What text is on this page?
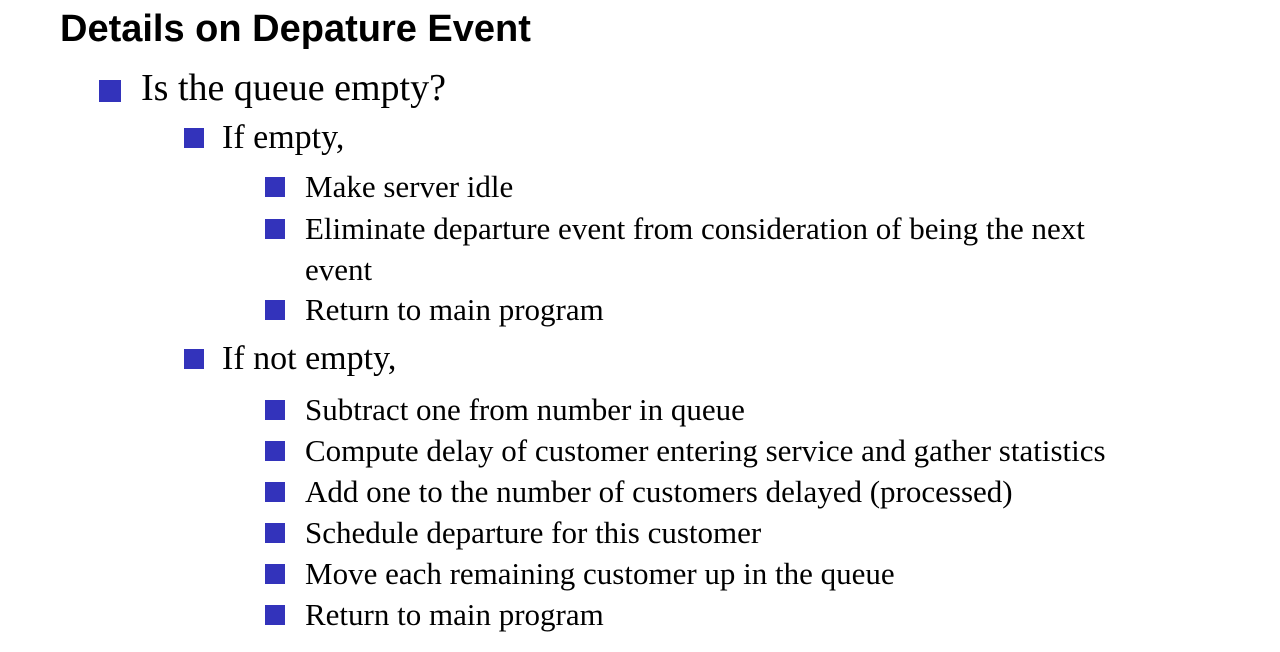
Details on Depature Event
Is the queue empty?
If empty,
Make server idle
Eliminate departure event from consideration of being the next
event
Return to main program
If not empty,
Subtract one from number in queue
Compute delay of customer entering service and gather statistics
Add one to the number of customers delayed (processed)
Schedule departure for this customer
Move each remaining customer up in the queue
Return to main program
